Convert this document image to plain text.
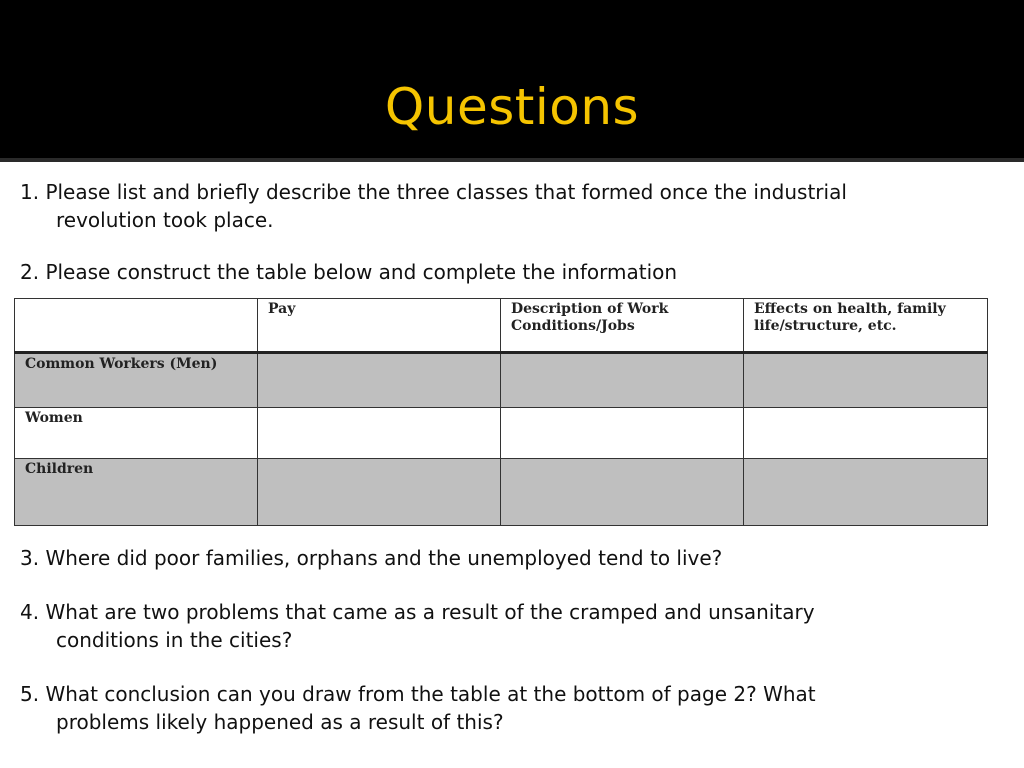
Questions
1. Please list and briefly describe the three classes that formed once the industrial
revolution took place.
2. Please construct the table below and complete the information
	Pay	Description of Work Conditions/Jobs	Effects on health, family life/structure, etc.
Common Workers (Men)			
Women			
Children			
3. Where did poor families, orphans and the unemployed tend to live?
4. What are two problems that came as a result of the cramped and unsanitary
conditions in the cities?
5. What conclusion can you draw from the table at the bottom of page 2? What
problems likely happened as a result of this?
